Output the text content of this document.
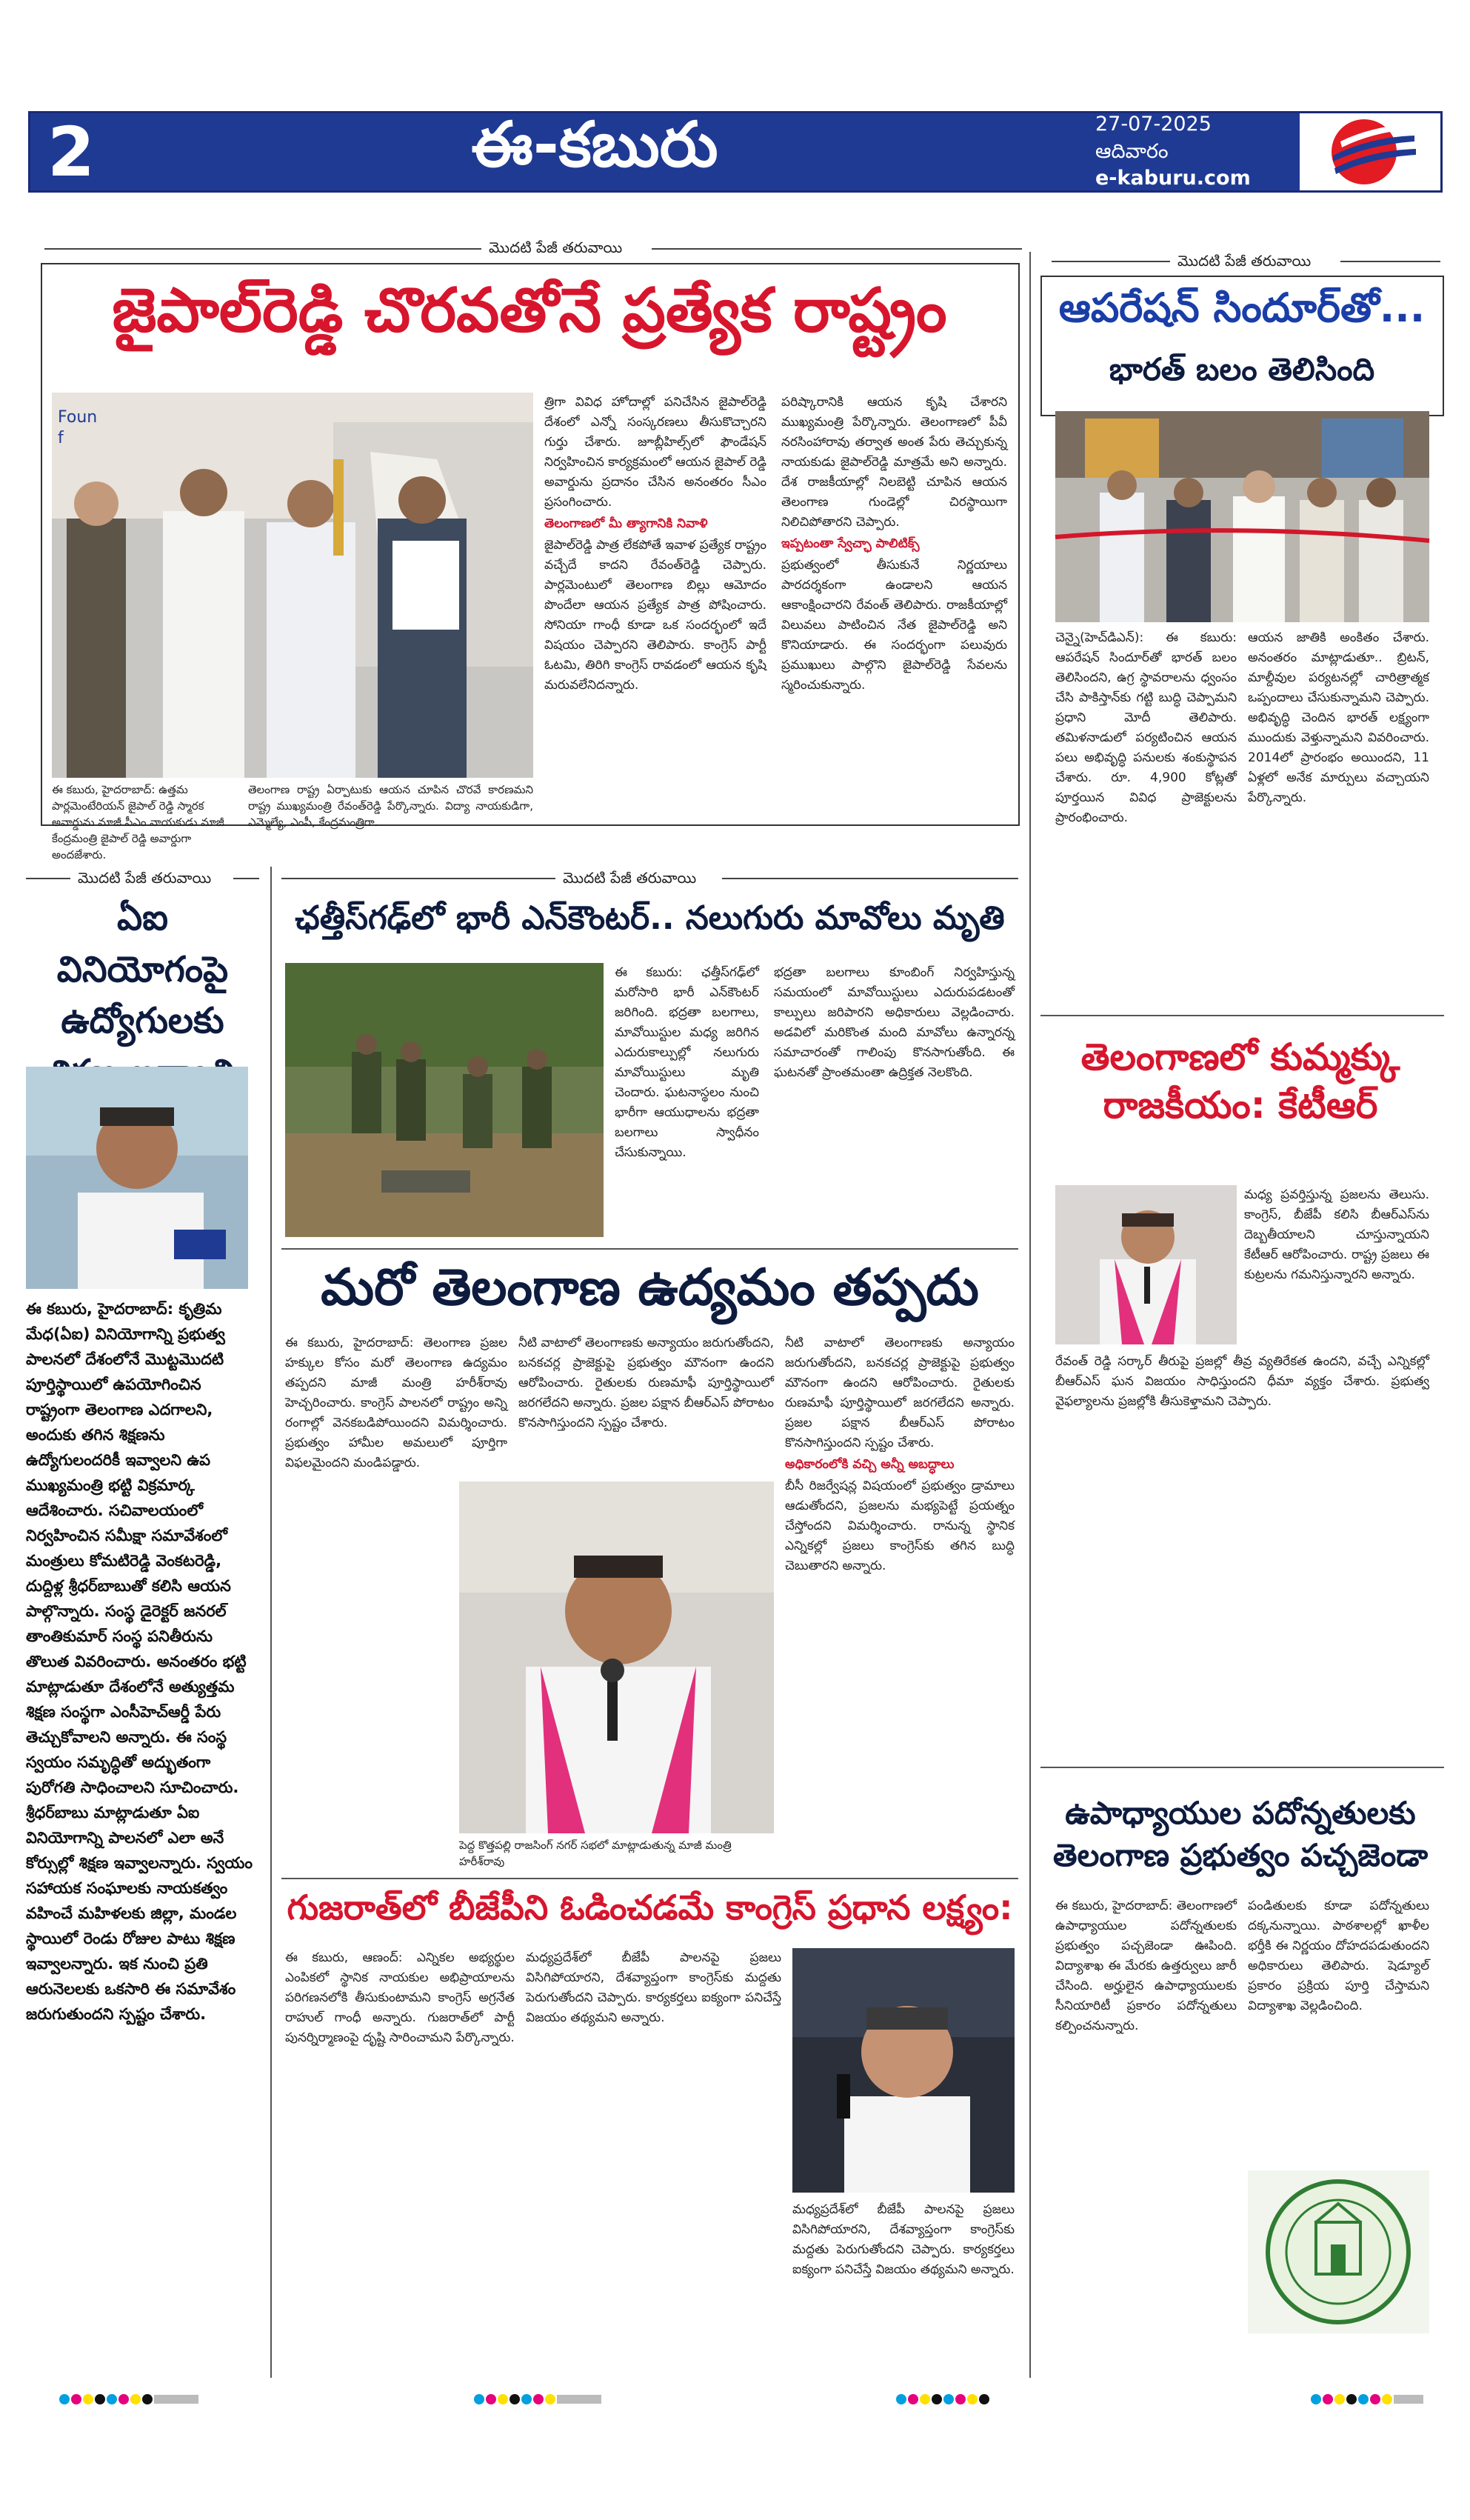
2	ఈ-కబురు	27-07-2025
ఆదివారం
e-kaburu.com
మొదటి పేజీ తరువాయి
జైపాల్‌రెడ్డి చొరవతోనే ప్రత్యేక రాష్ట్రం
Foun
f
ఈ కబురు, హైదరాబాద్: ఉత్తమ పార్లమెంటేరియన్ జైపాల్ రెడ్డి స్మారక అవార్డును మాజీ సీఎం నాయకుడు మాజీ కేంద్రమంత్రి జైపాల్ రెడ్డి అవార్డుగా అందజేశారు.

తెలంగాణ రాష్ట్ర ఏర్పాటుకు ఆయన చూపిన చొరవే కారణమని రాష్ట్ర ముఖ్యమంత్రి రేవంత్‌రెడ్డి పేర్కొన్నారు. విద్యా నాయకుడిగా, ఎమ్మెల్యే, ఎంపీ, కేంద్రమంత్రిగా.

త్రిగా వివిధ హోదాల్లో పనిచేసిన జైపాల్‌రెడ్డి దేశంలో ఎన్నో సంస్కరణలు తీసుకొచ్చారని గుర్తు చేశారు. జూబ్లీహిల్స్‌లో ఫౌండేషన్ నిర్వహించిన కార్యక్రమంలో ఆయన జైపాల్ రెడ్డి అవార్డును ప్రదానం చేసిన అనంతరం సీఎం ప్రసంగించారు.

తెలంగాణలో మీ త్యాగానికి నివాళి

జైపాల్‌రెడ్డి పాత్ర లేకపోతే ఇవాళ ప్రత్యేక రాష్ట్రం వచ్చేదే కాదని రేవంత్‌రెడ్డి చెప్పారు. పార్లమెంటులో తెలంగాణ బిల్లు ఆమోదం పొందేలా ఆయన ప్రత్యేక పాత్ర పోషించారు. సోనియా గాంధీ కూడా ఒక సందర్భంలో ఇదే విషయం చెప్పారని తెలిపారు. కాంగ్రెస్ పార్టీ ఓటమి, తిరిగి కాంగ్రెస్ రావడంలో ఆయన కృషి మరువలేనిదన్నారు.

పరిష్కారానికి ఆయన కృషి చేశారని ముఖ్యమంత్రి పేర్కొన్నారు. తెలంగాణలో పీవీ నరసింహారావు తర్వాత అంత పేరు తెచ్చుకున్న నాయకుడు జైపాల్‌రెడ్డి మాత్రమే అని అన్నారు. దేశ రాజకీయాల్లో నిలబెట్టి చూపిన ఆయన తెలంగాణ గుండెల్లో చిరస్థాయిగా నిలిచిపోతారని చెప్పారు.

ఇప్పటంతా స్వేచ్ఛా పాలిటిక్స్

ప్రభుత్వంలో తీసుకునే నిర్ణయాలు పారదర్శకంగా ఉండాలని ఆయన ఆకాంక్షించారని రేవంత్ తెలిపారు. రాజకీయాల్లో విలువలు పాటించిన నేత జైపాల్‌రెడ్డి అని కొనియాడారు. ఈ సందర్భంగా పలువురు ప్రముఖులు పాల్గొని జైపాల్‌రెడ్డి సేవలను స్మరించుకున్నారు.

మొదటి పేజీ తరువాయి
ఆపరేషన్ సిందూర్‌తో...
భారత్ బలం తెలిసింది

చెన్నై(హెచ్‌డిఎన్): ఈ కబురు: ఆపరేషన్ సిందూర్‌తో భారత్ బలం తెలిసిందని, ఉగ్ర స్థావరాలను ధ్వంసం చేసి పాకిస్తాన్‌కు గట్టి బుద్ధి చెప్పామని ప్రధాని మోదీ తెలిపారు. తమిళనాడులో పర్యటించిన ఆయన పలు అభివృద్ధి పనులకు శంకుస్థాపన చేశారు. రూ. 4,900 కోట్లతో పూర్తయిన వివిధ ప్రాజెక్టులను ప్రారంభించారు.

ఆయన జాతికి అంకితం చేశారు. అనంతరం మాట్లాడుతూ.. బ్రిటన్, మాల్దీవుల పర్యటనల్లో చారిత్రాత్మక ఒప్పందాలు చేసుకున్నామని చెప్పారు. అభివృద్ధి చెందిన భారత్ లక్ష్యంగా ముందుకు వెళ్తున్నామని వివరించారు. 2014లో ప్రారంభం అయిందని, 11 ఏళ్లలో అనేక మార్పులు వచ్చాయని పేర్కొన్నారు.

తెలంగాణలో కుమ్మక్కు రాజకీయం: కేటీఆర్

మధ్య ప్రవర్తిస్తున్న ప్రజలను తెలుసు. కాంగ్రెస్, బీజేపీ కలిసి బీఆర్ఎస్‌ను దెబ్బతీయాలని చూస్తున్నాయని కేటీఆర్ ఆరోపించారు. రాష్ట్ర ప్రజలు ఈ కుట్రలను గమనిస్తున్నారని అన్నారు.

రేవంత్ రెడ్డి సర్కార్ తీరుపై ప్రజల్లో తీవ్ర వ్యతిరేకత ఉందని, వచ్చే ఎన్నికల్లో బీఆర్ఎస్ ఘన విజయం సాధిస్తుందని ధీమా వ్యక్తం చేశారు. ప్రభుత్వ వైఫల్యాలను ప్రజల్లోకి తీసుకెళ్తామని చెప్పారు.

ఉపాధ్యాయుల పదోన్నతులకు తెలంగాణ ప్రభుత్వం పచ్చజెండా

ఈ కబురు, హైదరాబాద్: తెలంగాణలో ఉపాధ్యాయుల పదోన్నతులకు ప్రభుత్వం పచ్చజెండా ఊపింది. విద్యాశాఖ ఈ మేరకు ఉత్తర్వులు జారీ చేసింది. అర్హులైన ఉపాధ్యాయులకు సీనియారిటీ ప్రకారం పదోన్నతులు కల్పించనున్నారు.

పండితులకు కూడా పదోన్నతులు దక్కనున్నాయి. పాఠశాలల్లో ఖాళీల భర్తీకి ఈ నిర్ణయం దోహదపడుతుందని అధికారులు తెలిపారు. షెడ్యూల్ ప్రకారం ప్రక్రియ పూర్తి చేస్తామని విద్యాశాఖ వెల్లడించింది.

మొదటి పేజీ తరువాయి
ఏఐ వినియోగంపై ఉద్యోగులకు
ఈ కబురు, హైదరాబాద్: కృత్రిమ మేధ(ఏఐ) వినియోగాన్ని ప్రభుత్వ పాలనలో దేశంలోనే మొట్టమొదటి పూర్తిస్థాయిలో ఉపయోగించిన రాష్ట్రంగా తెలంగాణ ఎదగాలని, అందుకు తగిన శిక్షణను ఉద్యోగులందరికీ ఇవ్వాలని ఉప ముఖ్యమంత్రి భట్టి విక్రమార్క ఆదేశించారు. సచివాలయంలో నిర్వహించిన సమీక్షా సమావేశంలో మంత్రులు కోమటిరెడ్డి వెంకటరెడ్డి, దుద్దిళ్ల శ్రీధర్‌బాబుతో కలిసి ఆయన పాల్గొన్నారు. సంస్థ డైరెక్టర్ జనరల్ తాంతికుమార్ సంస్థ పనితీరును తొలుత వివరించారు. అనంతరం భట్టి మాట్లాడుతూ దేశంలోనే అత్యుత్తమ శిక్షణ సంస్థగా ఎంసీహెచ్ఆర్డీ పేరు తెచ్చుకోవాలని అన్నారు. ఈ సంస్థ స్వయం సమృద్ధితో అద్భుతంగా పురోగతి సాధించాలని సూచించారు. శ్రీధర్‌బాబు మాట్లాడుతూ ఏఐ వినియోగాన్ని పాలనలో ఎలా అనే కోర్సుల్లో శిక్షణ ఇవ్వాలన్నారు. స్వయం సహాయక సంఘాలకు నాయకత్వం వహించే మహిళలకు జిల్లా, మండల స్థాయిలో రెండు రోజుల పాటు శిక్షణ ఇవ్వాలన్నారు. ఇక నుంచి ప్రతి ఆరునెలలకు ఒకసారి ఈ సమావేశం జరుగుతుందని స్పష్టం చేశారు.
మొదటి పేజీ తరువాయి
ఛత్తీస్‌గఢ్‌లో భారీ ఎన్‌కౌంటర్.. నలుగురు మావోలు మృతి

ఈ కబురు: ఛత్తీస్‌గఢ్‌లో మరోసారి భారీ ఎన్‌కౌంటర్ జరిగింది. భద్రతా బలగాలు, మావోయిస్టుల మధ్య జరిగిన ఎదురుకాల్పుల్లో నలుగురు మావోయిస్టులు మృతి చెందారు. ఘటనాస్థలం నుంచి భారీగా ఆయుధాలను భద్రతా బలగాలు స్వాధీనం చేసుకున్నాయి.

భద్రతా బలగాలు కూంబింగ్ నిర్వహిస్తున్న సమయంలో మావోయిస్టులు ఎదురుపడటంతో కాల్పులు జరిపారని అధికారులు వెల్లడించారు. అడవిలో మరికొంత మంది మావోలు ఉన్నారన్న సమాచారంతో గాలింపు కొనసాగుతోంది. ఈ ఘటనతో ప్రాంతమంతా ఉద్రిక్తత నెలకొంది.

మరో తెలంగాణ ఉద్యమం తప్పదు

ఈ కబురు, హైదరాబాద్: తెలంగాణ ప్రజల హక్కుల కోసం మరో తెలంగాణ ఉద్యమం తప్పదని మాజీ మంత్రి హరీశ్‌రావు హెచ్చరించారు. కాంగ్రెస్ పాలనలో రాష్ట్రం అన్ని రంగాల్లో వెనకబడిపోయిందని విమర్శించారు. ప్రభుత్వం హామీల అమలులో పూర్తిగా విఫలమైందని మండిపడ్డారు.

నీటి వాటాలో తెలంగాణకు అన్యాయం జరుగుతోందని, బనకచర్ల ప్రాజెక్టుపై ప్రభుత్వం మౌనంగా ఉందని ఆరోపించారు. రైతులకు రుణమాఫీ పూర్తిస్థాయిలో జరగలేదని అన్నారు. ప్రజల పక్షాన బీఆర్ఎస్ పోరాటం కొనసాగిస్తుందని స్పష్టం చేశారు.

నీటి వాటాలో తెలంగాణకు అన్యాయం జరుగుతోందని, బనకచర్ల ప్రాజెక్టుపై ప్రభుత్వం మౌనంగా ఉందని ఆరోపించారు. రైతులకు రుణమాఫీ పూర్తిస్థాయిలో జరగలేదని అన్నారు. ప్రజల పక్షాన బీఆర్ఎస్ పోరాటం కొనసాగిస్తుందని స్పష్టం చేశారు.

అధికారంలోకి వచ్చి అన్నీ అబద్ధాలు

బీసీ రిజర్వేషన్ల విషయంలో ప్రభుత్వం డ్రామాలు ఆడుతోందని, ప్రజలను మభ్యపెట్టే ప్రయత్నం చేస్తోందని విమర్శించారు. రానున్న స్థానిక ఎన్నికల్లో ప్రజలు కాంగ్రెస్‌కు తగిన బుద్ధి చెబుతారని అన్నారు.

పెద్ద కొత్తపల్లి రాజసింగ్ నగర్ సభలో మాట్లాడుతున్న మాజీ మంత్రి హరీశ్‌రావు
గుజరాత్‌లో బీజేపీని ఓడించడమే కాంగ్రెస్ ప్రధాన లక్ష్యం:

ఈ కబురు, ఆణంద్: ఎన్నికల అభ్యర్థుల ఎంపికలో స్థానిక నాయకుల అభిప్రాయాలను పరిగణనలోకి తీసుకుంటామని కాంగ్రెస్ అగ్రనేత రాహుల్ గాంధీ అన్నారు. గుజరాత్‌లో పార్టీ పునర్నిర్మాణంపై దృష్టి సారించామని పేర్కొన్నారు.

మధ్యప్రదేశ్‌లో బీజేపీ పాలనపై ప్రజలు విసిగిపోయారని, దేశవ్యాప్తంగా కాంగ్రెస్‌కు మద్దతు పెరుగుతోందని చెప్పారు. కార్యకర్తలు ఐక్యంగా పనిచేస్తే విజయం తథ్యమని అన్నారు.

మధ్యప్రదేశ్‌లో బీజేపీ పాలనపై ప్రజలు విసిగిపోయారని, దేశవ్యాప్తంగా కాంగ్రెస్‌కు మద్దతు పెరుగుతోందని చెప్పారు. కార్యకర్తలు ఐక్యంగా పనిచేస్తే విజయం తథ్యమని అన్నారు.
